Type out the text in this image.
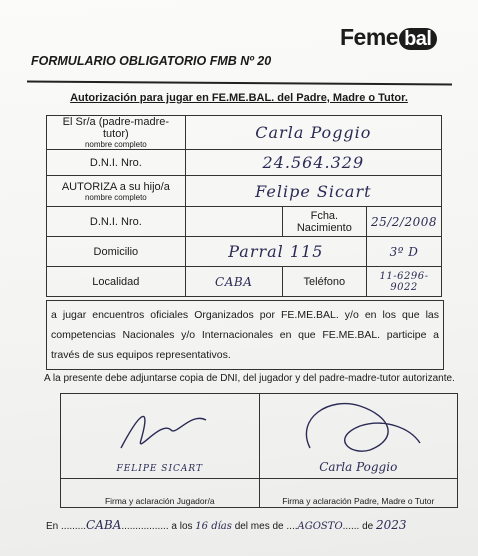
Feme bal
FORMULARIO OBLIGATORIO FMB Nº 20
Autorización para jugar en FE.ME.BAL. del Padre, Madre o Tutor.
El Sr/a (padre-madre-tutor)
nombre completo	Carla Poggio		
D.N.I. Nro.	24.564.329		
AUTORIZA a su hijo/a
nombre completo	Felipe Sicart		
D.N.I. Nro.		Fcha. Nacimiento	25/2/2008
Domicilio	Parral 115		3º D
Localidad	CABA	Teléfono	11-6296-9022
a jugar encuentros oficiales Organizados por FE.ME.BAL. y/o en los que las competencias Nacionales y/o Internacionales en que FE.ME.BAL. participe a través de sus equipos representativos.
A la presente debe adjuntarse copia de DNI, del jugador y del padre-madre-tutor autorizante.
FELIPE SICART	Carla Poggio

Firma y aclaración Jugador/a	Firma y aclaración Padre, Madre o Tutor
En .........CABA................. a los 16 días del mes de ....AGOSTO...... de 2023
